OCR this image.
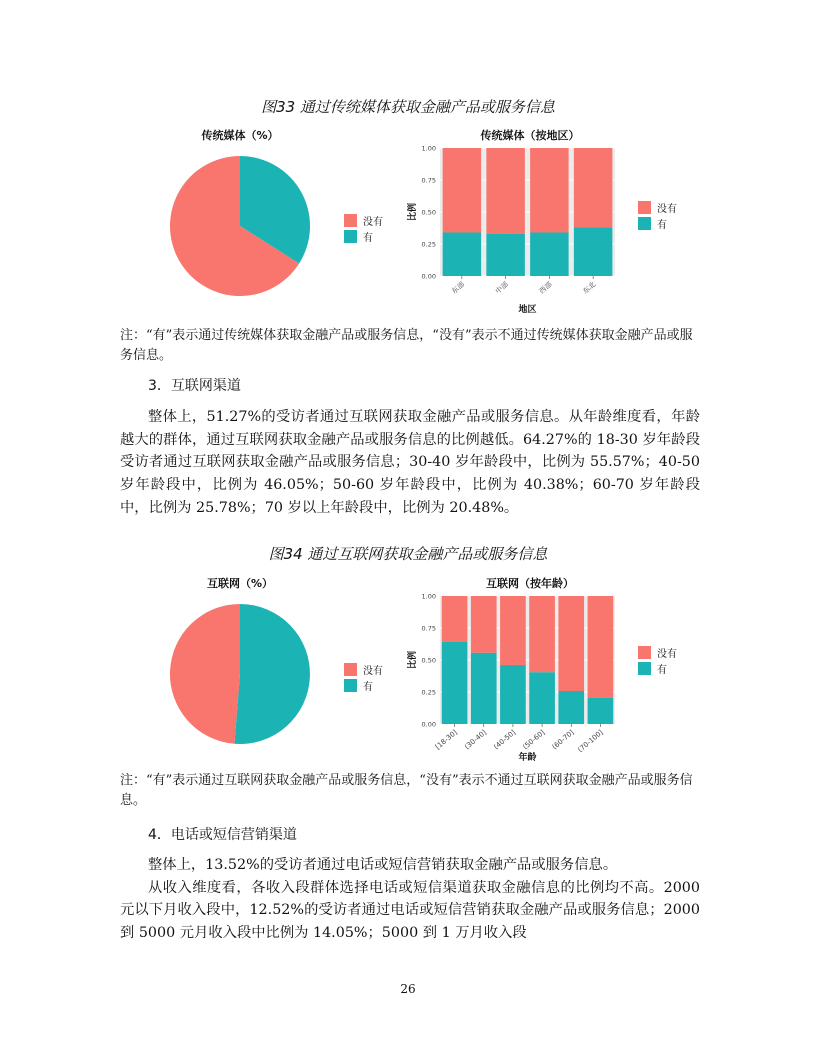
图33 通过传统媒体获取金融产品或服务信息
传统媒体（%）
没有
有
传统媒体（按地区）
0.00
0.25
0.50
0.75
1.00
东部	中部	西部	东北
地区
比例	没有
有
注：“有”表示通过传统媒体获取金融产品或服务信息，“没有”表示不通过传统媒体获取金融产品或服务信息。
3．互联网渠道

整体上，51.27%的受访者通过互联网获取金融产品或服务信息。从年龄维度看，年龄越大的群体，通过互联网获取金融产品或服务信息的比例越低。64.27%的 18-30 岁年龄段受访者通过互联网获取金融产品或服务信息；30-40 岁年龄段中，比例为 55.57%；40-50 岁年龄段中，比例为 46.05%；50-60 岁年龄段中，比例为 40.38%；60-70 岁年龄段中，比例为 25.78%；70 岁以上年龄段中，比例为 20.48%。

图34 通过互联网获取金融产品或服务信息
互联网（%）
没有
有
互联网（按年龄）
0.00
0.25
0.50
0.75
1.00
[18-30] (30-40] (40-50] (50-60] (60-70] (70-100]
年龄
比例	没有
有
注：“有”表示通过互联网获取金融产品或服务信息，“没有”表示不通过互联网获取金融产品或服务信息。
4．电话或短信营销渠道

整体上，13.52%的受访者通过电话或短信营销获取金融产品或服务信息。

从收入维度看，各收入段群体选择电话或短信渠道获取金融信息的比例均不高。2000 元以下月收入段中，12.52%的受访者通过电话或短信营销获取金融产品或服务信息；2000 到 5000 元月收入段中比例为 14.05%；5000 到 1 万月收入段

26
